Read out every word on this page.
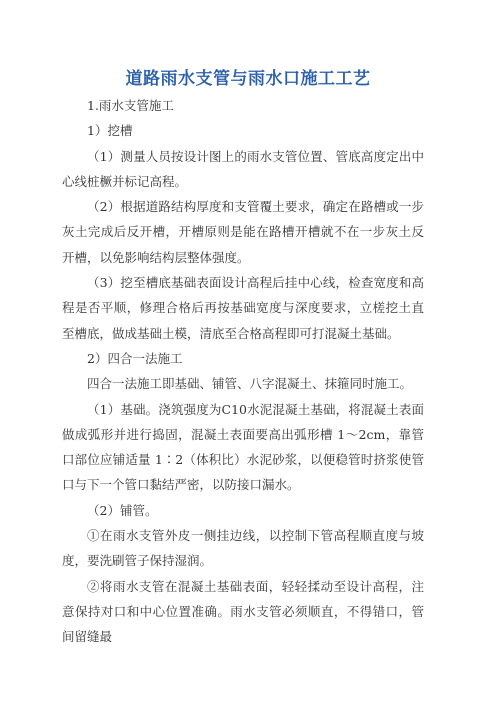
道路雨水支管与雨水口施工工艺

1.雨水支管施工

1）挖槽

（1）测量人员按设计图上的雨水支管位置、管底高度定出中心线桩橛并标记高程。

（2）根据道路结构厚度和支管覆土要求，确定在路槽或一步灰土完成后反开槽，开槽原则是能在路槽开槽就不在一步灰土反开槽，以免影响结构层整体强度。

（3）挖至槽底基础表面设计高程后挂中心线，检查宽度和高程是否平顺，修理合格后再按基础宽度与深度要求，立槎挖土直至槽底，做成基础土模，清底至合格高程即可打混凝土基础。

2）四合一法施工

四合一法施工即基础、铺管、八字混凝土、抹箍同时施工。

（1）基础。浇筑强度为C10水泥混凝土基础，将混凝土表面做成弧形并进行捣固，混凝土表面要高出弧形槽 1～2cm，靠管口部位应铺适量 1∶2（体积比）水泥砂浆，以便稳管时挤浆使管口与下一个管口黏结严密，以防接口漏水。

（2）铺管。

①在雨水支管外皮一侧挂边线，以控制下管高程顺直度与坡度，要洗刷管子保持湿润。

②将雨水支管在混凝土基础表面，轻轻揉动至设计高程，注意保持对口和中心位置准确。雨水支管必须顺直，不得错口，管间留缝最
